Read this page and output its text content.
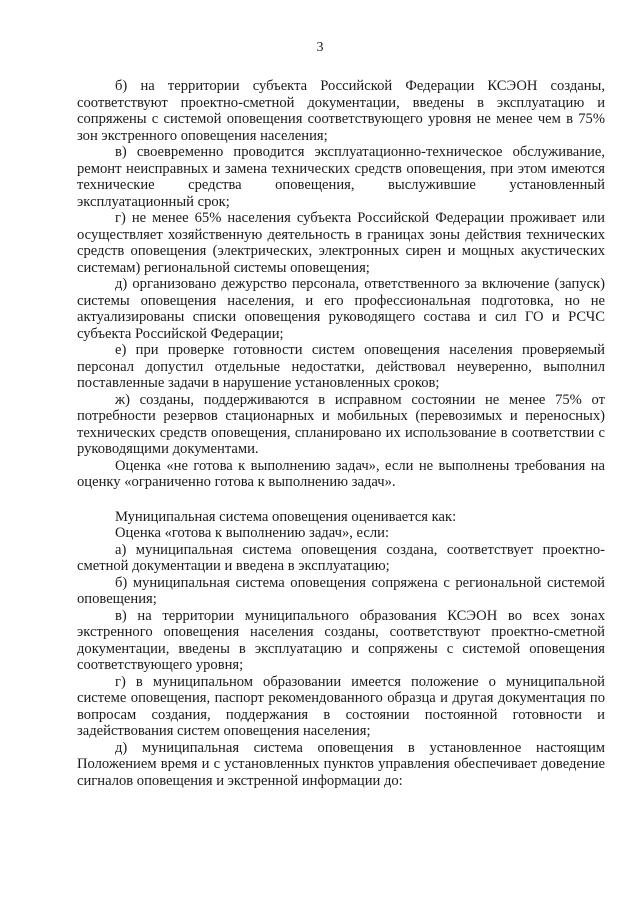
3

б) на территории субъекта Российской Федерации КСЭОН созданы, соответствуют проектно-сметной документации, введены в эксплуатацию и сопряжены с системой оповещения соответствующего уровня не менее чем в 75% зон экстренного оповещения населения;

в) своевременно проводится эксплуатационно-техническое обслуживание, ремонт неисправных и замена технических средств оповещения, при этом имеются технические средства оповещения, выслужившие установленный эксплуатационный срок;

г) не менее 65% населения субъекта Российской Федерации проживает или осуществляет хозяйственную деятельность в границах зоны действия технических средств оповещения (электрических, электронных сирен и мощных акустических системам) региональной системы оповещения;

д) организовано дежурство персонала, ответственного за включение (запуск) системы оповещения населения, и его профессиональная подготовка, но не актуализированы списки оповещения руководящего состава и сил ГО и РСЧС субъекта Российской Федерации;

е) при проверке готовности систем оповещения населения проверяемый персонал допустил отдельные недостатки, действовал неуверенно, выполнил поставленные задачи в нарушение установленных сроков;

ж) созданы, поддерживаются в исправном состоянии не менее 75% от потребности резервов стационарных и мобильных (перевозимых и переносных) технических средств оповещения, спланировано их использование в соответствии с руководящими документами.

Оценка «не готова к выполнению задач», если не выполнены требования на оценку «ограниченно готова к выполнению задач».

Муниципальная система оповещения оценивается как:

Оценка «готова к выполнению задач», если:

а) муниципальная система оповещения создана, соответствует проектно-сметной документации и введена в эксплуатацию;

б) муниципальная система оповещения сопряжена с региональной системой оповещения;

в) на территории муниципального образования КСЭОН во всех зонах экстренного оповещения населения созданы, соответствуют проектно-сметной документации, введены в эксплуатацию и сопряжены с системой оповещения соответствующего уровня;

г) в муниципальном образовании имеется положение о муниципальной системе оповещения, паспорт рекомендованного образца и другая документация по вопросам создания, поддержания в состоянии постоянной готовности и задействования систем оповещения населения;

д) муниципальная система оповещения в установленное настоящим Положением время и с установленных пунктов управления обеспечивает доведение сигналов оповещения и экстренной информации до:
